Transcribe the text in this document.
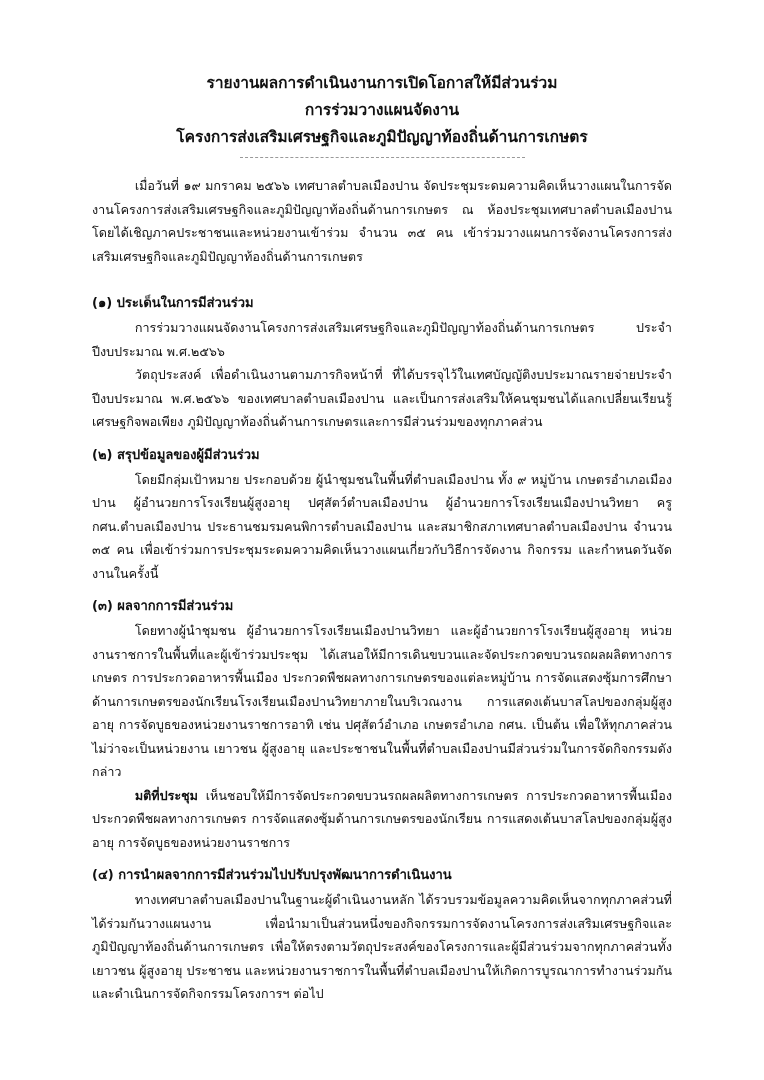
รายงานผลการดำเนินงานการเปิดโอกาสให้มีส่วนร่วม
การร่วมวางแผนจัดงาน
โครงการส่งเสริมเศรษฐกิจและภูมิปัญญาท้องถิ่นด้านการเกษตร

เมื่อวันที่ ๑๙ มกราคม ๒๕๖๖ เทศบาลตำบลเมืองปาน จัดประชุมระดมความคิดเห็นวางแผนในการจัดงานโครงการส่งเสริมเศรษฐกิจและภูมิปัญญาท้องถิ่นด้านการเกษตร ณ ห้องประชุมเทศบาลตำบลเมืองปาน โดยได้เชิญภาคประชาชนและหน่วยงานเข้าร่วม จำนวน ๓๕ คน เข้าร่วมวางแผนการจัดงานโครงการส่งเสริมเศรษฐกิจและภูมิปัญญาท้องถิ่นด้านการเกษตร

(๑) ประเด็นในการมีส่วนร่วม

การร่วมวางแผนจัดงานโครงการส่งเสริมเศรษฐกิจและภูมิปัญญาท้องถิ่นด้านการเกษตร ประจำปีงบประมาณ พ.ศ.๒๕๖๖

วัตถุประสงค์ เพื่อดำเนินงานตามภารกิจหน้าที่ ที่ได้บรรจุไว้ในเทศบัญญัติงบประมาณรายจ่ายประจำปีงบประมาณ พ.ศ.๒๕๖๖ ของเทศบาลตำบลเมืองปาน และเป็นการส่งเสริมให้คนชุมชนได้แลกเปลี่ยนเรียนรู้เศรษฐกิจพอเพียง ภูมิปัญญาท้องถิ่นด้านการเกษตรและการมีส่วนร่วมของทุกภาคส่วน

(๒) สรุปข้อมูลของผู้มีส่วนร่วม

โดยมีกลุ่มเป้าหมาย ประกอบด้วย ผู้นำชุมชนในพื้นที่ตำบลเมืองปาน ทั้ง ๙ หมู่บ้าน เกษตรอำเภอเมืองปาน ผู้อำนวยการโรงเรียนผู้สูงอายุ ปศุสัตว์ตำบลเมืองปาน ผู้อำนวยการโรงเรียนเมืองปานวิทยา ครู กศน.ตำบลเมืองปาน ประธานชมรมคนพิการตำบลเมืองปาน และสมาชิกสภาเทศบาลตำบลเมืองปาน จำนวน ๓๕ คน เพื่อเข้าร่วมการประชุมระดมความคิดเห็นวางแผนเกี่ยวกับวิธีการจัดงาน กิจกรรม และกำหนดวันจัดงานในครั้งนี้

(๓) ผลจากการมีส่วนร่วม

โดยทางผู้นำชุมชน ผู้อำนวยการโรงเรียนเมืองปานวิทยา และผู้อำนวยการโรงเรียนผู้สูงอายุ หน่วยงานราชการในพื้นที่และผู้เข้าร่วมประชุม ได้เสนอให้มีการเดินขบวนและจัดประกวดขบวนรถผลผลิตทางการเกษตร การประกวดอาหารพื้นเมือง ประกวดพืชผลทางการเกษตรของแต่ละหมู่บ้าน การจัดแสดงซุ้มการศึกษาด้านการเกษตรของนักเรียนโรงเรียนเมืองปานวิทยาภายในบริเวณงาน การแสดงเต้นบาสโลปของกลุ่มผู้สูงอายุ การจัดบูธของหน่วยงานราชการอาทิ เช่น ปศุสัตว์อำเภอ เกษตรอำเภอ กศน. เป็นต้น เพื่อให้ทุกภาคส่วนไม่ว่าจะเป็นหน่วยงาน เยาวชน ผู้สูงอายุ และประชาชนในพื้นที่ตำบลเมืองปานมีส่วนร่วมในการจัดกิจกรรมดังกล่าว

มติที่ประชุม เห็นชอบให้มีการจัดประกวดขบวนรถผลผลิตทางการเกษตร การประกวดอาหารพื้นเมือง ประกวดพืชผลทางการเกษตร การจัดแสดงซุ้มด้านการเกษตรของนักเรียน การแสดงเต้นบาสโลปของกลุ่มผู้สูงอายุ การจัดบูธของหน่วยงานราชการ

(๔) การนำผลจากการมีส่วนร่วมไปปรับปรุงพัฒนาการดำเนินงาน

ทางเทศบาลตำบลเมืองปานในฐานะผู้ดำเนินงานหลัก ได้รวบรวมข้อมูลความคิดเห็นจากทุกภาคส่วนที่ได้ร่วมกันวางแผนงาน เพื่อนำมาเป็นส่วนหนึ่งของกิจกรรมการจัดงานโครงการส่งเสริมเศรษฐกิจและภูมิปัญญาท้องถิ่นด้านการเกษตร เพื่อให้ตรงตามวัตถุประสงค์ของโครงการและผู้มีส่วนร่วมจากทุกภาคส่วนทั้งเยาวชน ผู้สูงอายุ ประชาชน และหน่วยงานราชการในพื้นที่ตำบลเมืองปานให้เกิดการบูรณาการทำงานร่วมกันและดำเนินการจัดกิจกรรมโครงการฯ ต่อไป
